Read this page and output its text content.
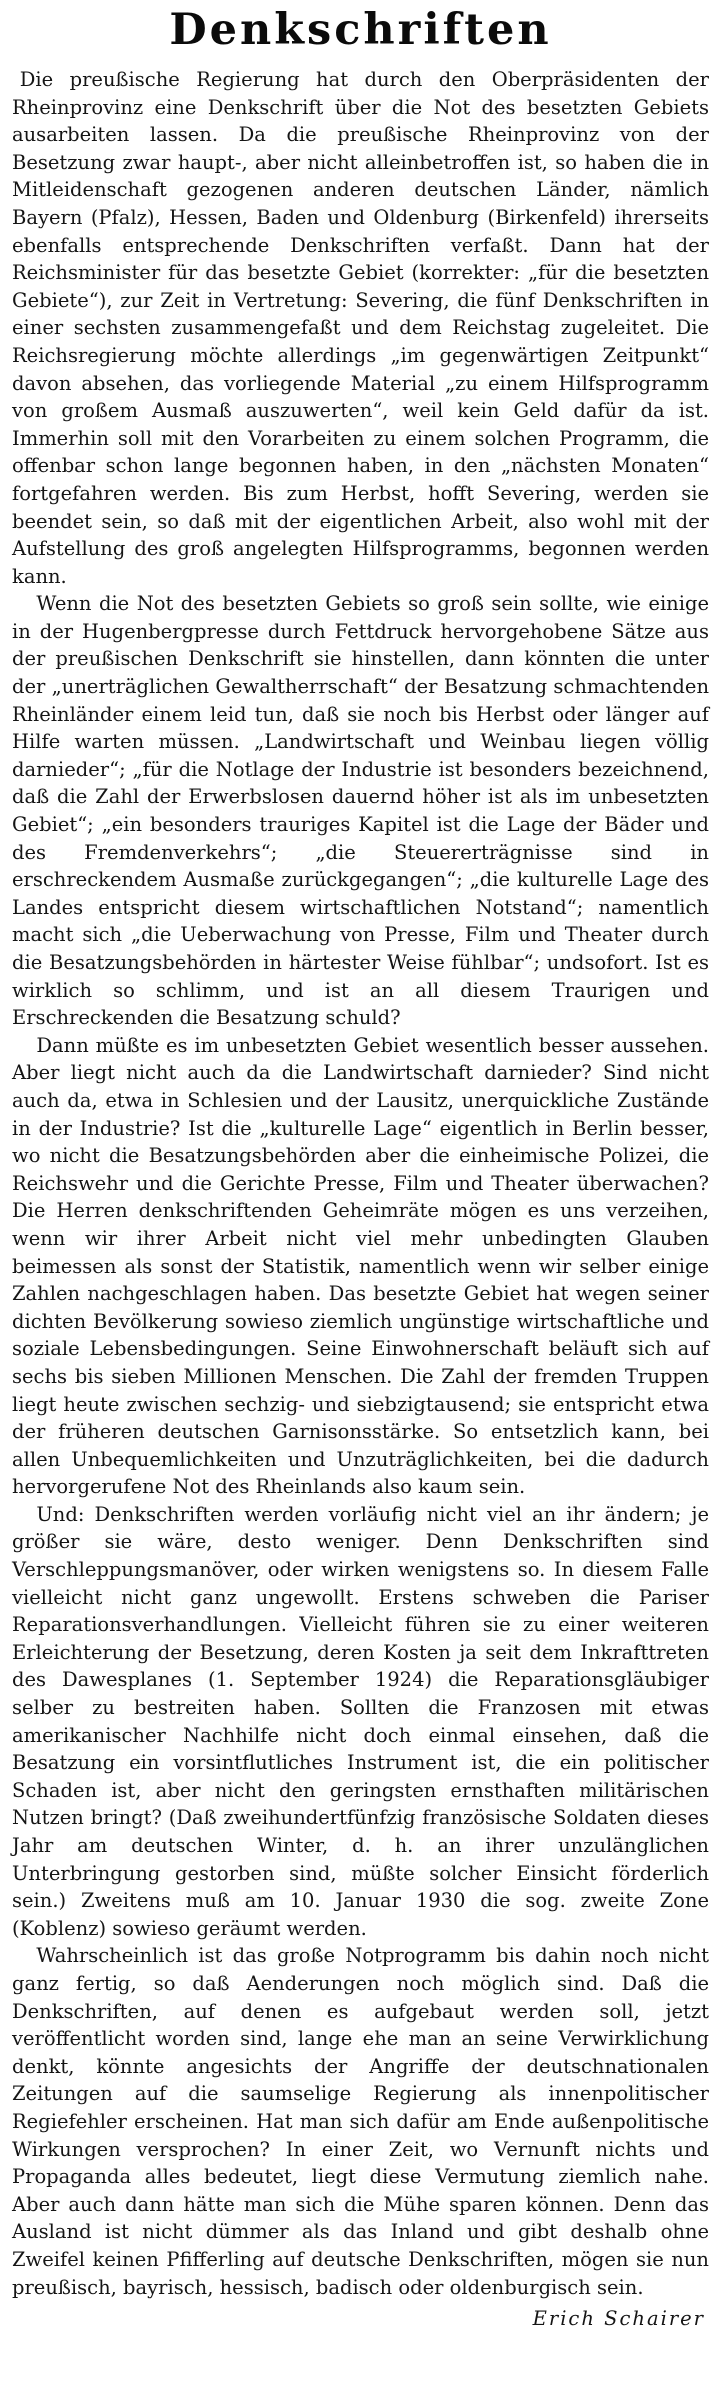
Denkschriften

Die preußische Regierung hat durch den Oberpräsidenten der Rheinprovinz eine Denkschrift über die Not des besetzten Gebiets ausarbeiten lassen. Da die preußische Rheinprovinz von der Besetzung zwar haupt-, aber nicht alleinbetroffen ist, so haben die in Mitleidenschaft gezogenen anderen deutschen Länder, nämlich Bayern (Pfalz), Hessen, Baden und Oldenburg (Birkenfeld) ihrerseits ebenfalls entsprechende Denkschriften verfaßt. Dann hat der Reichsminister für das besetzte Gebiet (korrekter: „für die besetzten Gebiete“), zur Zeit in Vertretung: Severing, die fünf Denkschriften in einer sechsten zusammengefaßt und dem Reichstag zugeleitet. Die Reichsregierung möchte allerdings „im gegenwärtigen Zeitpunkt“ davon absehen, das vorliegende Material „zu einem Hilfsprogramm von großem Ausmaß auszuwerten“, weil kein Geld dafür da ist. Immerhin soll mit den Vorarbeiten zu einem solchen Programm, die offenbar schon lange begonnen haben, in den „nächsten Monaten“ fortgefahren werden. Bis zum Herbst, hofft Severing, werden sie beendet sein, so daß mit der eigentlichen Arbeit, also wohl mit der Aufstellung des groß angelegten Hilfsprogramms, begonnen werden kann.

Wenn die Not des besetzten Gebiets so groß sein sollte, wie einige in der Hugenbergpresse durch Fettdruck hervorgehobene Sätze aus der preußischen Denkschrift sie hinstellen, dann könnten die unter der „unerträglichen Gewaltherrschaft“ der Besatzung schmachtenden Rheinländer einem leid tun, daß sie noch bis Herbst oder länger auf Hilfe warten müssen. „Landwirtschaft und Weinbau liegen völlig darnieder“; „für die Notlage der Industrie ist besonders bezeichnend, daß die Zahl der Erwerbslosen dauernd höher ist als im unbesetzten Gebiet“; „ein besonders trauriges Kapitel ist die Lage der Bäder und des Fremdenverkehrs“; „die Steuererträgnisse sind in erschreckendem Ausmaße zurückgegangen“; „die kulturelle Lage des Landes entspricht diesem wirtschaftlichen Notstand“; namentlich macht sich „die Ueberwachung von Presse, Film und Theater durch die Besatzungsbehörden in härtester Weise fühlbar“; undsofort. Ist es wirklich so schlimm, und ist an all diesem Traurigen und Erschreckenden die Besatzung schuld?

Dann müßte es im unbesetzten Gebiet wesentlich besser aussehen. Aber liegt nicht auch da die Landwirtschaft darnieder? Sind nicht auch da, etwa in Schlesien und der Lausitz, unerquickliche Zustände in der Industrie? Ist die „kulturelle Lage“ eigentlich in Berlin besser, wo nicht die Besatzungsbehörden aber die einheimische Polizei, die Reichswehr und die Gerichte Presse, Film und Theater überwachen? Die Herren denkschriftenden Geheimräte mögen es uns verzeihen, wenn wir ihrer Arbeit nicht viel mehr unbedingten Glauben beimessen als sonst der Statistik, namentlich wenn wir selber einige Zahlen nachgeschlagen haben. Das besetzte Gebiet hat wegen seiner dichten Bevölkerung sowieso ziemlich ungünstige wirtschaftliche und soziale Lebensbedingungen. Seine Einwohnerschaft beläuft sich auf sechs bis sieben Millionen Menschen. Die Zahl der fremden Truppen liegt heute zwischen sechzig- und siebzigtausend; sie entspricht etwa der früheren deutschen Garnisonsstärke. So entsetzlich kann, bei allen Unbequemlichkeiten und Unzuträglichkeiten, bei die dadurch hervorgerufene Not des Rheinlands also kaum sein.

Und: Denkschriften werden vorläufig nicht viel an ihr ändern; je größer sie wäre, desto weniger. Denn Denkschriften sind Verschleppungsmanöver, oder wirken wenigstens so. In diesem Falle vielleicht nicht ganz ungewollt. Erstens schweben die Pariser Reparationsverhandlungen. Vielleicht führen sie zu einer weiteren Erleichterung der Besetzung, deren Kosten ja seit dem Inkrafttreten des Dawesplanes (1. September 1924) die Reparationsgläubiger selber zu bestreiten haben. Sollten die Franzosen mit etwas amerikanischer Nachhilfe nicht doch einmal einsehen, daß die Besatzung ein vorsintflutliches Instrument ist, die ein politischer Schaden ist, aber nicht den geringsten ernsthaften militärischen Nutzen bringt? (Daß zweihundertfünfzig französische Soldaten dieses Jahr am deutschen Winter, d. h. an ihrer unzulänglichen Unterbringung gestorben sind, müßte solcher Einsicht förderlich sein.) Zweitens muß am 10. Januar 1930 die sog. zweite Zone (Koblenz) sowieso geräumt werden.

Wahrscheinlich ist das große Notprogramm bis dahin noch nicht ganz fertig, so daß Aenderungen noch möglich sind. Daß die Denkschriften, auf denen es aufgebaut werden soll, jetzt veröffentlicht worden sind, lange ehe man an seine Verwirklichung denkt, könnte angesichts der Angriffe der deutschnationalen Zeitungen auf die saumselige Regierung als innenpolitischer Regiefehler erscheinen. Hat man sich dafür am Ende außenpolitische Wirkungen versprochen? In einer Zeit, wo Vernunft nichts und Propaganda alles bedeutet, liegt diese Vermutung ziemlich nahe. Aber auch dann hätte man sich die Mühe sparen können. Denn das Ausland ist nicht dümmer als das Inland und gibt deshalb ohne Zweifel keinen Pfifferling auf deutsche Denkschriften, mögen sie nun preußisch, bayrisch, hessisch, badisch oder oldenburgisch sein.

Erich Schairer
